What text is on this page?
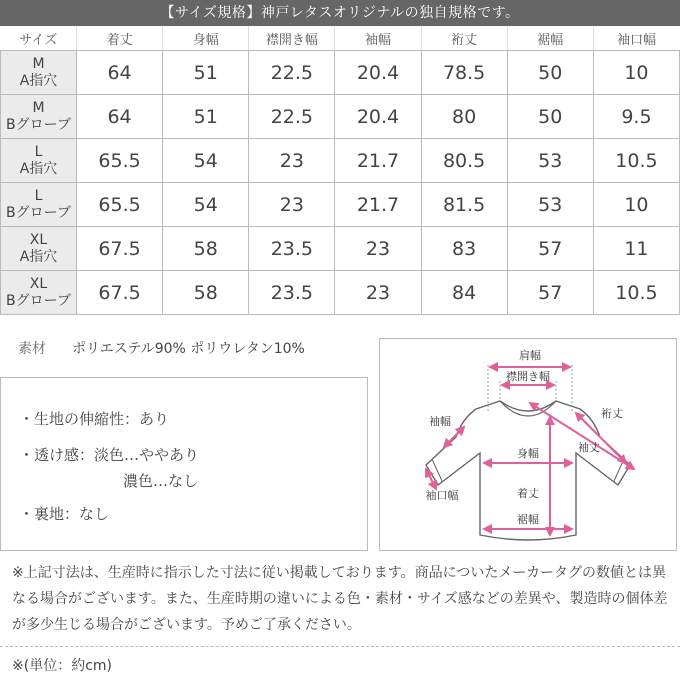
【サイズ規格】神戸レタスオリジナルの独自規格です。
サイズ	着丈	身幅	襟開き幅	袖幅	裄丈	裾幅	袖口幅
M
A指穴	64	51	22.5	20.4	78.5	50	10
M
Bグローブ	64	51	22.5	20.4	80	50	9.5
L
A指穴	65.5	54	23	21.7	80.5	53	10.5
L
Bグローブ	65.5	54	23	21.7	81.5	53	10
XL
A指穴	67.5	58	23.5	23	83	57	11
XL
Bグローブ	67.5	58	23.5	23	84	57	10.5
素材 ポリエステル90% ポリウレタン10%
・生地の伸縮性：あり
・透け感：淡色…ややあり
濃色…なし
・裏地：なし
肩幅
襟開き幅
袖幅
裄丈
袖丈
身幅
袖口幅	着丈
裾幅
※上記寸法は、生産時に指示した寸法に従い掲載しております。商品についたメーカータグの数値とは異なる場合がございます。また、生産時期の違いによる色・素材・サイズ感などの差異や、製造時の個体差が多少生じる場合がございます。予めご了承ください。
※(単位：約cm)
